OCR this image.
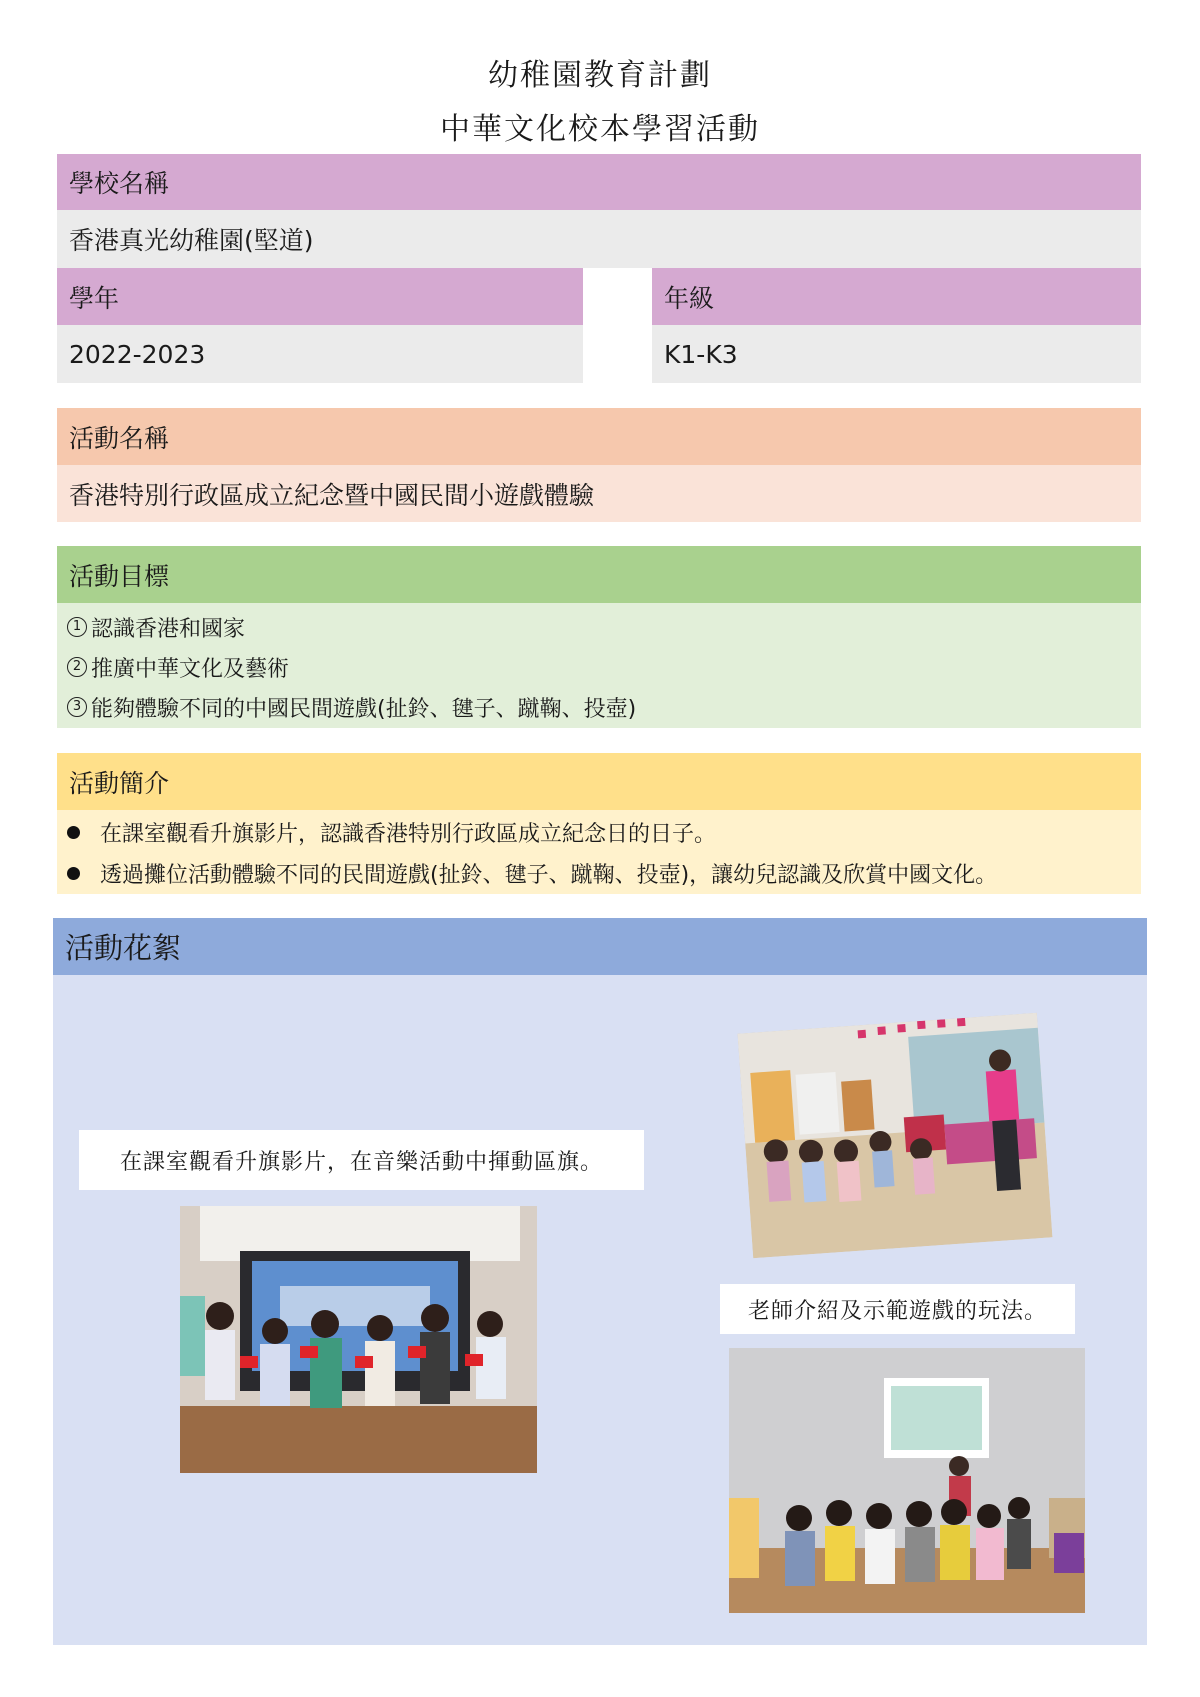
幼稚園教育計劃
中華文化校本學習活動
學校名稱
香港真光幼稚園(堅道)
學年	年級
2022-2023	K1-K3
活動名稱
香港特別行政區成立紀念暨中國民間小遊戲體驗
活動目標
1 認識香港和國家
2 推廣中華文化及藝術
3 能夠體驗不同的中國民間遊戲(扯鈴、毽子、蹴鞠、投壺)
活動簡介
在課室觀看升旗影片，認識香港特別行政區成立紀念日的日子。
透過攤位活動體驗不同的民間遊戲(扯鈴、毽子、蹴鞠、投壺)，讓幼兒認識及欣賞中國文化。
活動花絮
在課室觀看升旗影片，在音樂活動中揮動區旗。
老師介紹及示範遊戲的玩法。
